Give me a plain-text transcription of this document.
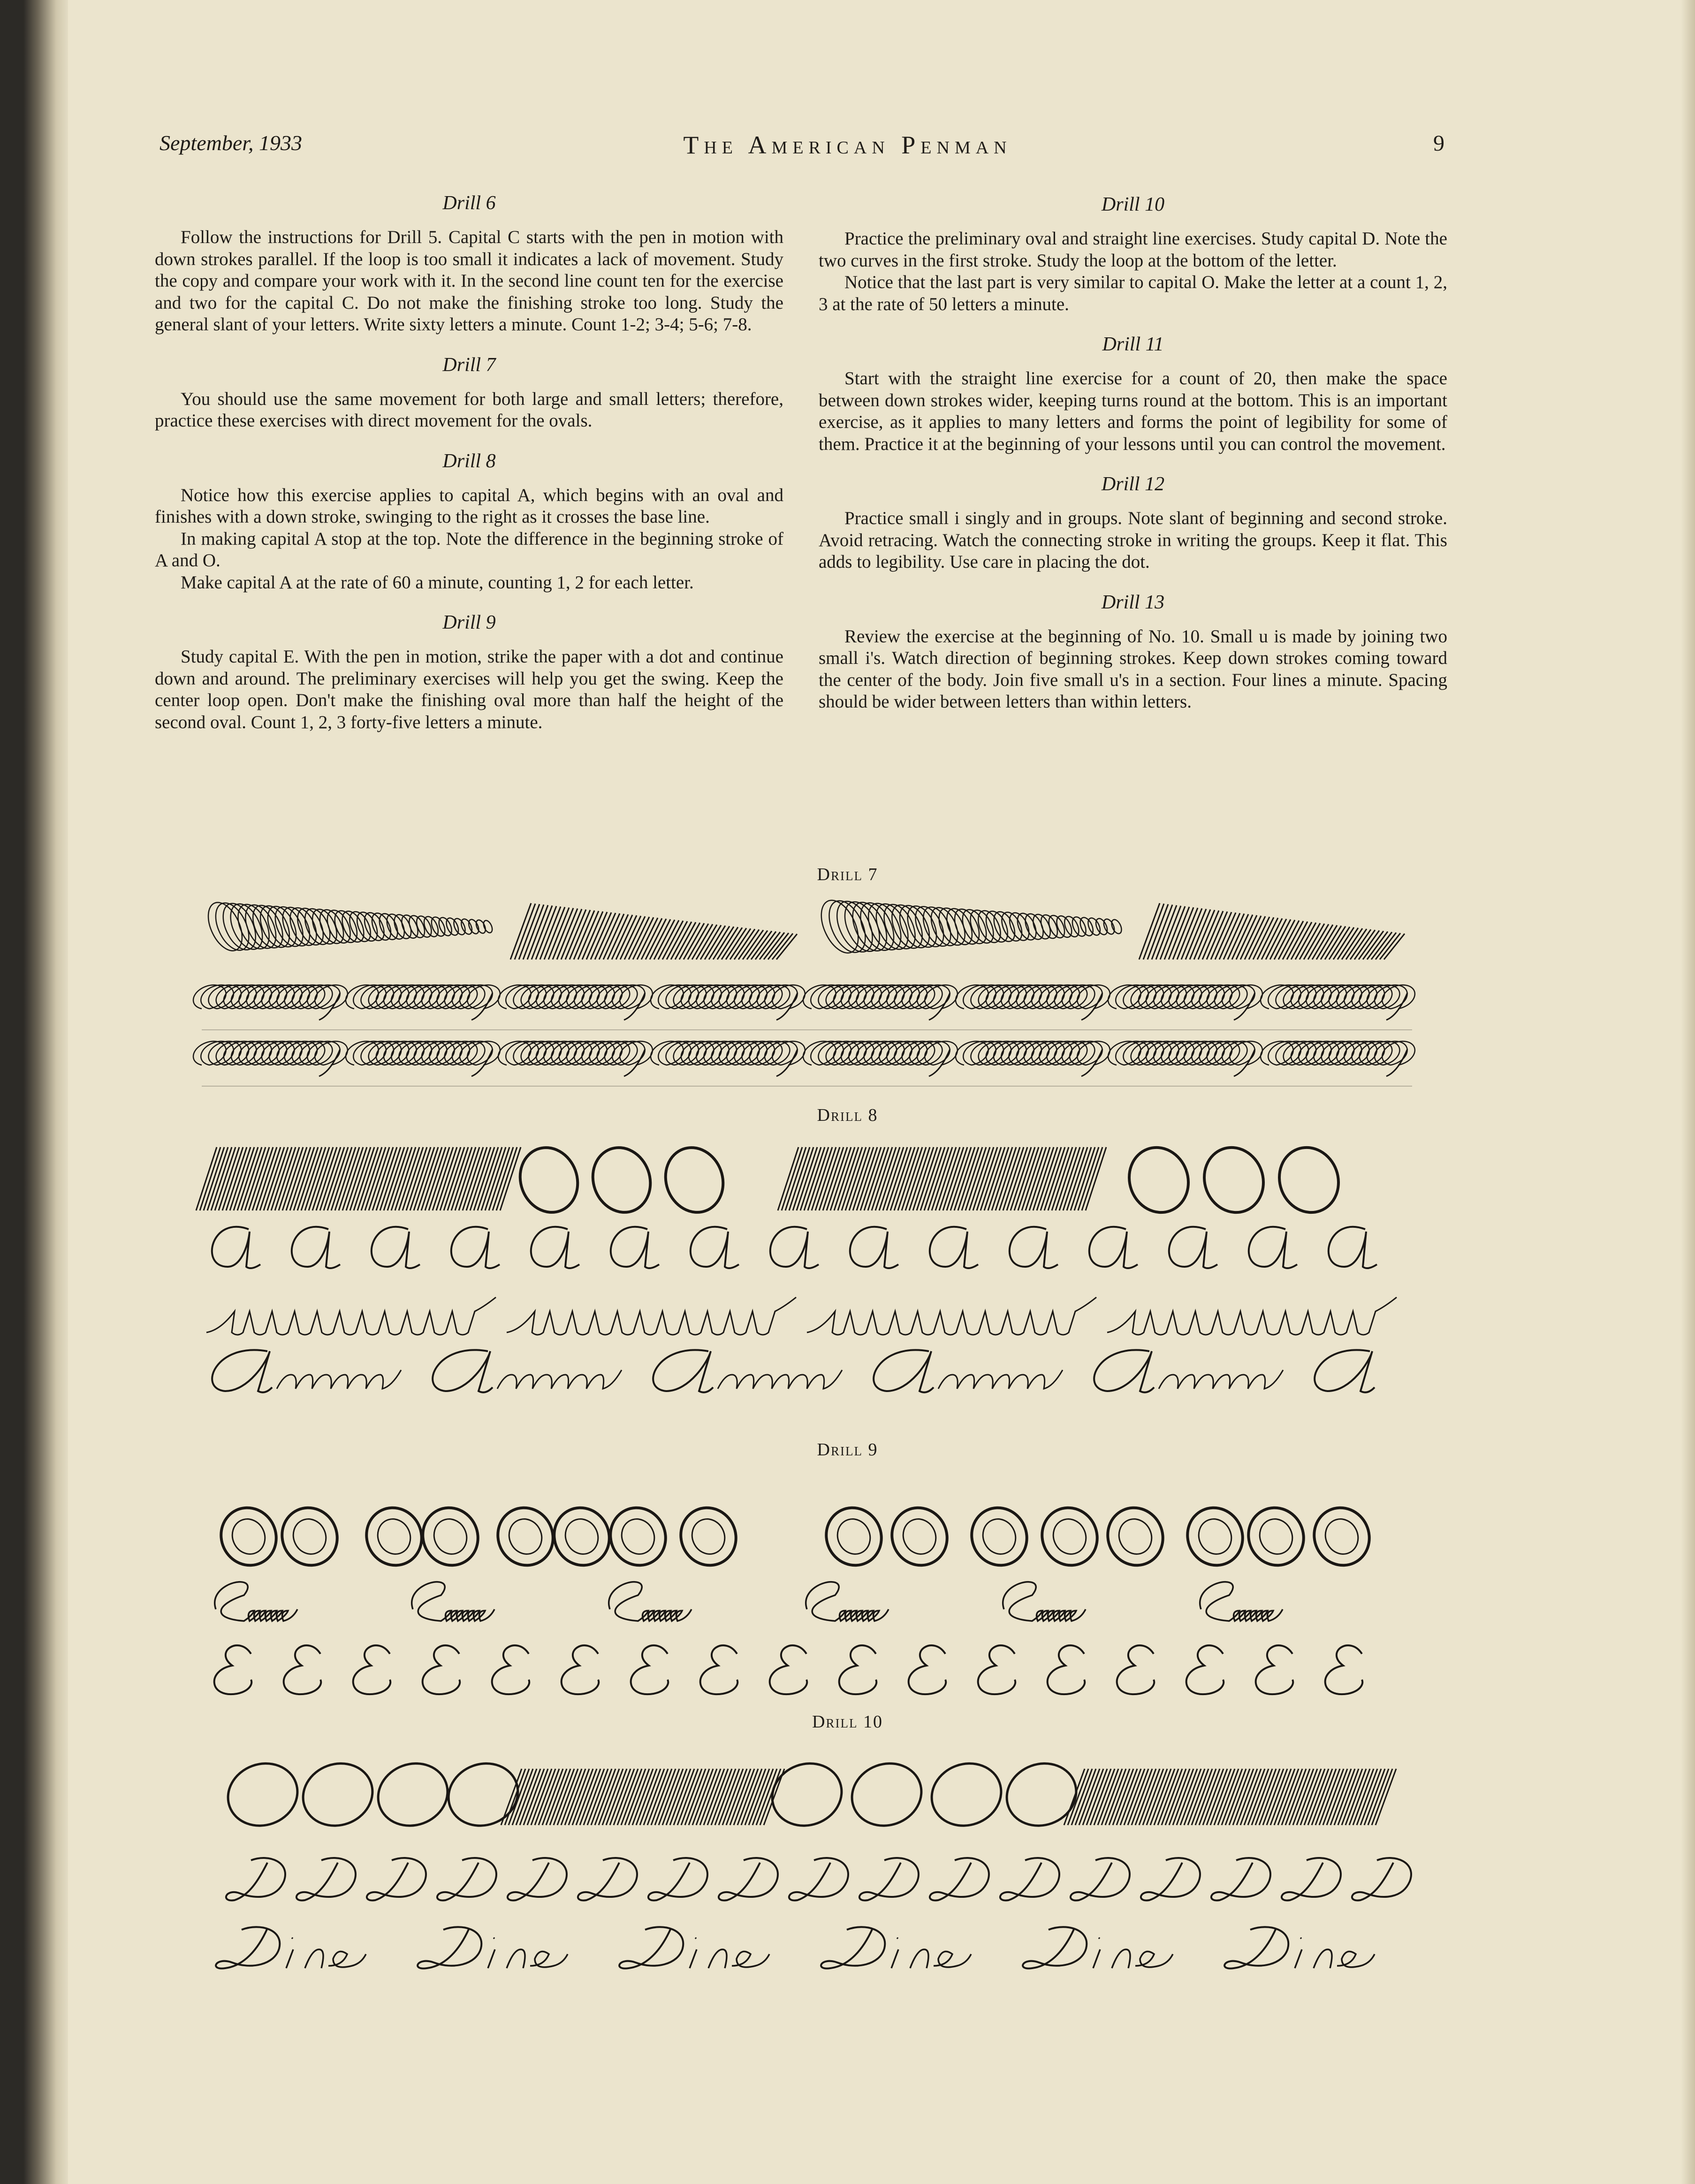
September, 1933	The American Penman	9
Drill 6

Follow the instructions for Drill 5. Capital C starts with the pen in motion with down strokes parallel. If the loop is too small it indicates a lack of movement. Study the copy and compare your work with it. In the second line count ten for the exercise and two for the capital C. Do not make the finishing stroke too long. Study the general slant of your letters. Write sixty letters a minute. Count 1-2; 3-4; 5-6; 7-8.

Drill 7

You should use the same movement for both large and small letters; therefore, practice these exercises with direct movement for the ovals.

Drill 8

Notice how this exercise applies to capital A, which begins with an oval and finishes with a down stroke, swinging to the right as it crosses the base line.

In making capital A stop at the top. Note the difference in the beginning stroke of A and O.

Make capital A at the rate of 60 a minute, counting 1, 2 for each letter.

Drill 9

Study capital E. With the pen in motion, strike the paper with a dot and continue down and around. The preliminary exercises will help you get the swing. Keep the center loop open. Don't make the finishing oval more than half the height of the second oval. Count 1, 2, 3 forty-five letters a minute.

Drill 10

Practice the preliminary oval and straight line exercises. Study capital D. Note the two curves in the first stroke. Study the loop at the bottom of the letter.

Notice that the last part is very similar to capital O. Make the letter at a count 1, 2, 3 at the rate of 50 letters a minute.

Drill 11

Start with the straight line exercise for a count of 20, then make the space between down strokes wider, keeping turns round at the bottom. This is an important exercise, as it applies to many letters and forms the point of legibility for some of them. Practice it at the beginning of your lessons until you can control the movement.

Drill 12

Practice small i singly and in groups. Note slant of beginning and second stroke. Avoid retracing. Watch the connecting stroke in writing the groups. Keep it flat. This adds to legibility. Use care in placing the dot.

Drill 13

Review the exercise at the beginning of No. 10. Small u is made by joining two small i's. Watch direction of beginning strokes. Keep down strokes coming toward the center of the body. Join five small u's in a section. Four lines a minute. Spacing should be wider between letters than within letters.

Drill 7
Drill 8
Drill 9
Drill 10
